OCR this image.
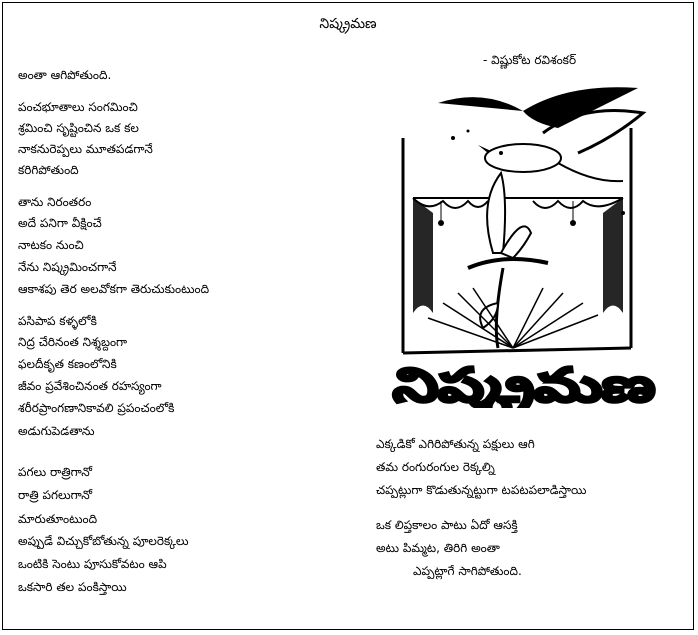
నిష్క్రమణ
- విష్ణుకోట రవిశంకర్
అంతా ఆగిపోతుంది.
పంచభూతాలు సంగమించి
శ్రమించి సృష్టించిన ఒక కల
నాకనురెప్పలు మూతపడగానే
కరిగిపోతుంది
తాను నిరంతరం
అదే పనిగా వీక్షించే
నాటకం నుంచి
నేను నిష్క్రమించగానే
ఆకాశపు తెర అలవోకగా తెరుచుకుంటుంది
పసిపాప కళ్ళలోకి
నిద్ర చేరినంత నిశ్శబ్దంగా
ఫలదీకృత కణంలోనికి
జీవం ప్రవేశించినంత రహస్యంగా
శరీరప్రాంగణానికావలి ప్రపంచంలోకి
అడుగుపెడతాను
పగలు రాత్రిగానో
రాత్రి పగలుగానో
మారుతూంటుంది
అప్పుడే విచ్చుకోబోతున్న పూలరెక్కలు
ఒంటికి సెంటు పూసుకోవటం ఆపి
ఒకసారి తల పంకిస్తాయి
ఎక్కడికో ఎగిరిపోతున్న పక్షులు ఆగి
తమ రంగురంగుల రెక్కల్ని
చప్పట్లుగా కొడుతున్నట్టుగా టపటపలాడిస్తాయి
ఒక లిప్తకాలం పాటు ఏదో ఆసక్తి
అటు పిమ్మట, తిరిగి అంతా
ఎప్పట్లాగే సాగిపోతుంది.
నిష్క్రమణ
